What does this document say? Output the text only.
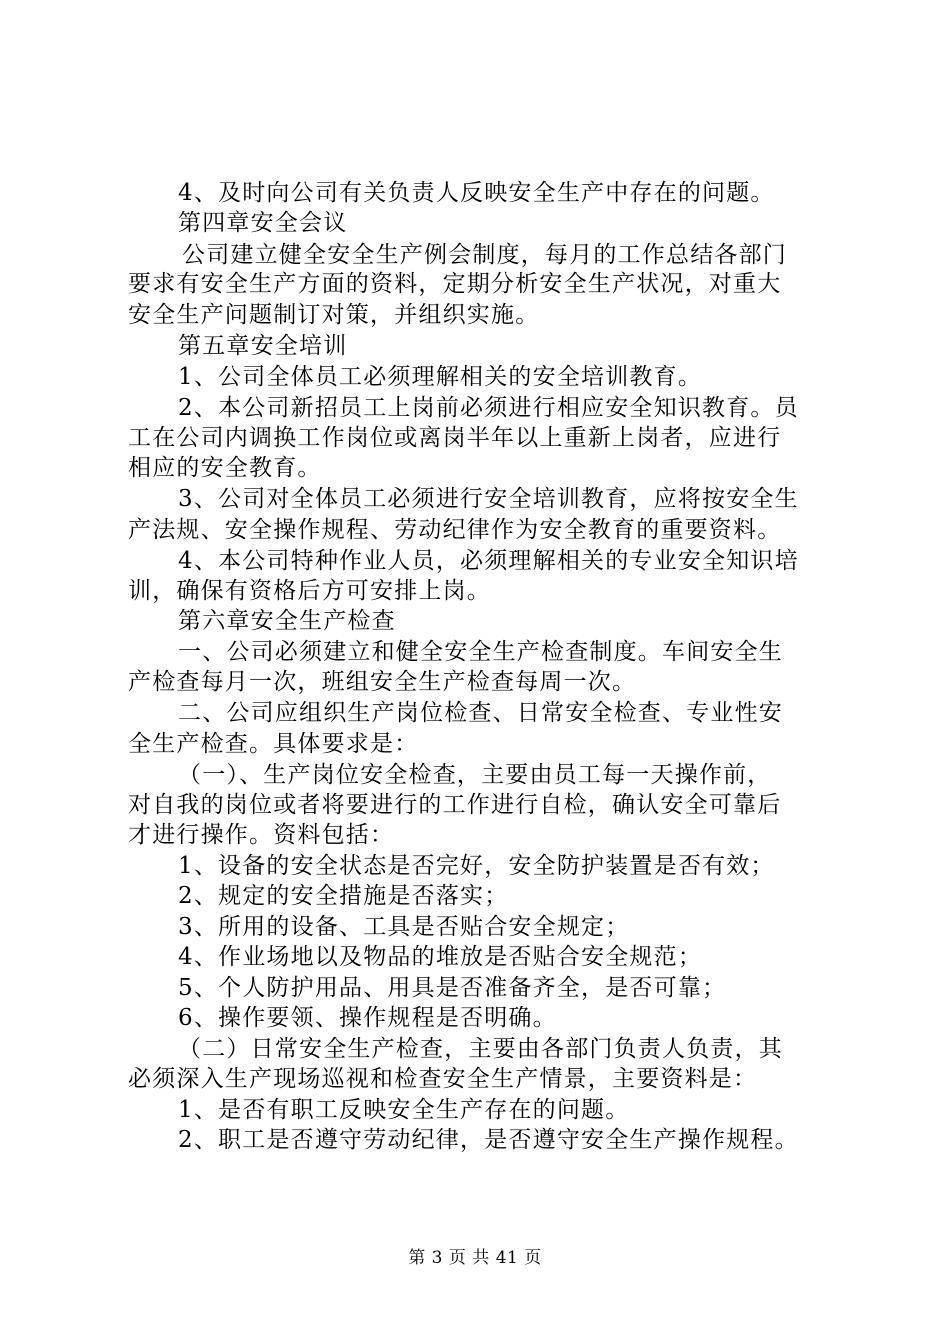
4、及时向公司有关负责人反映安全生产中存在的问题。
第四章安全会议
公司建立健全安全生产例会制度，每月的工作总结各部门
要求有安全生产方面的资料，定期分析安全生产状况，对重大
安全生产问题制订对策，并组织实施。
第五章安全培训
1、公司全体员工必须理解相关的安全培训教育。
2、本公司新招员工上岗前必须进行相应安全知识教育。员
工在公司内调换工作岗位或离岗半年以上重新上岗者，应进行
相应的安全教育。
3、公司对全体员工必须进行安全培训教育，应将按安全生
产法规、安全操作规程、劳动纪律作为安全教育的重要资料。
4、本公司特种作业人员，必须理解相关的专业安全知识培
训，确保有资格后方可安排上岗。
第六章安全生产检查
一、公司必须建立和健全安全生产检查制度。车间安全生
产检查每月一次，班组安全生产检查每周一次。
二、公司应组织生产岗位检查、日常安全检查、专业性安
全生产检查。具体要求是：
（一）、生产岗位安全检查，主要由员工每一天操作前，
对自我的岗位或者将要进行的工作进行自检，确认安全可靠后
才进行操作。资料包括：
1、设备的安全状态是否完好，安全防护装置是否有效；
2、规定的安全措施是否落实；
3、所用的设备、工具是否贴合安全规定；
4、作业场地以及物品的堆放是否贴合安全规范；
5、个人防护用品、用具是否准备齐全，是否可靠；
6、操作要领、操作规程是否明确。
（二）日常安全生产检查，主要由各部门负责人负责，其
必须深入生产现场巡视和检查安全生产情景，主要资料是：
1、是否有职工反映安全生产存在的问题。
2、职工是否遵守劳动纪律，是否遵守安全生产操作规程。
第 3 页 共 41 页
